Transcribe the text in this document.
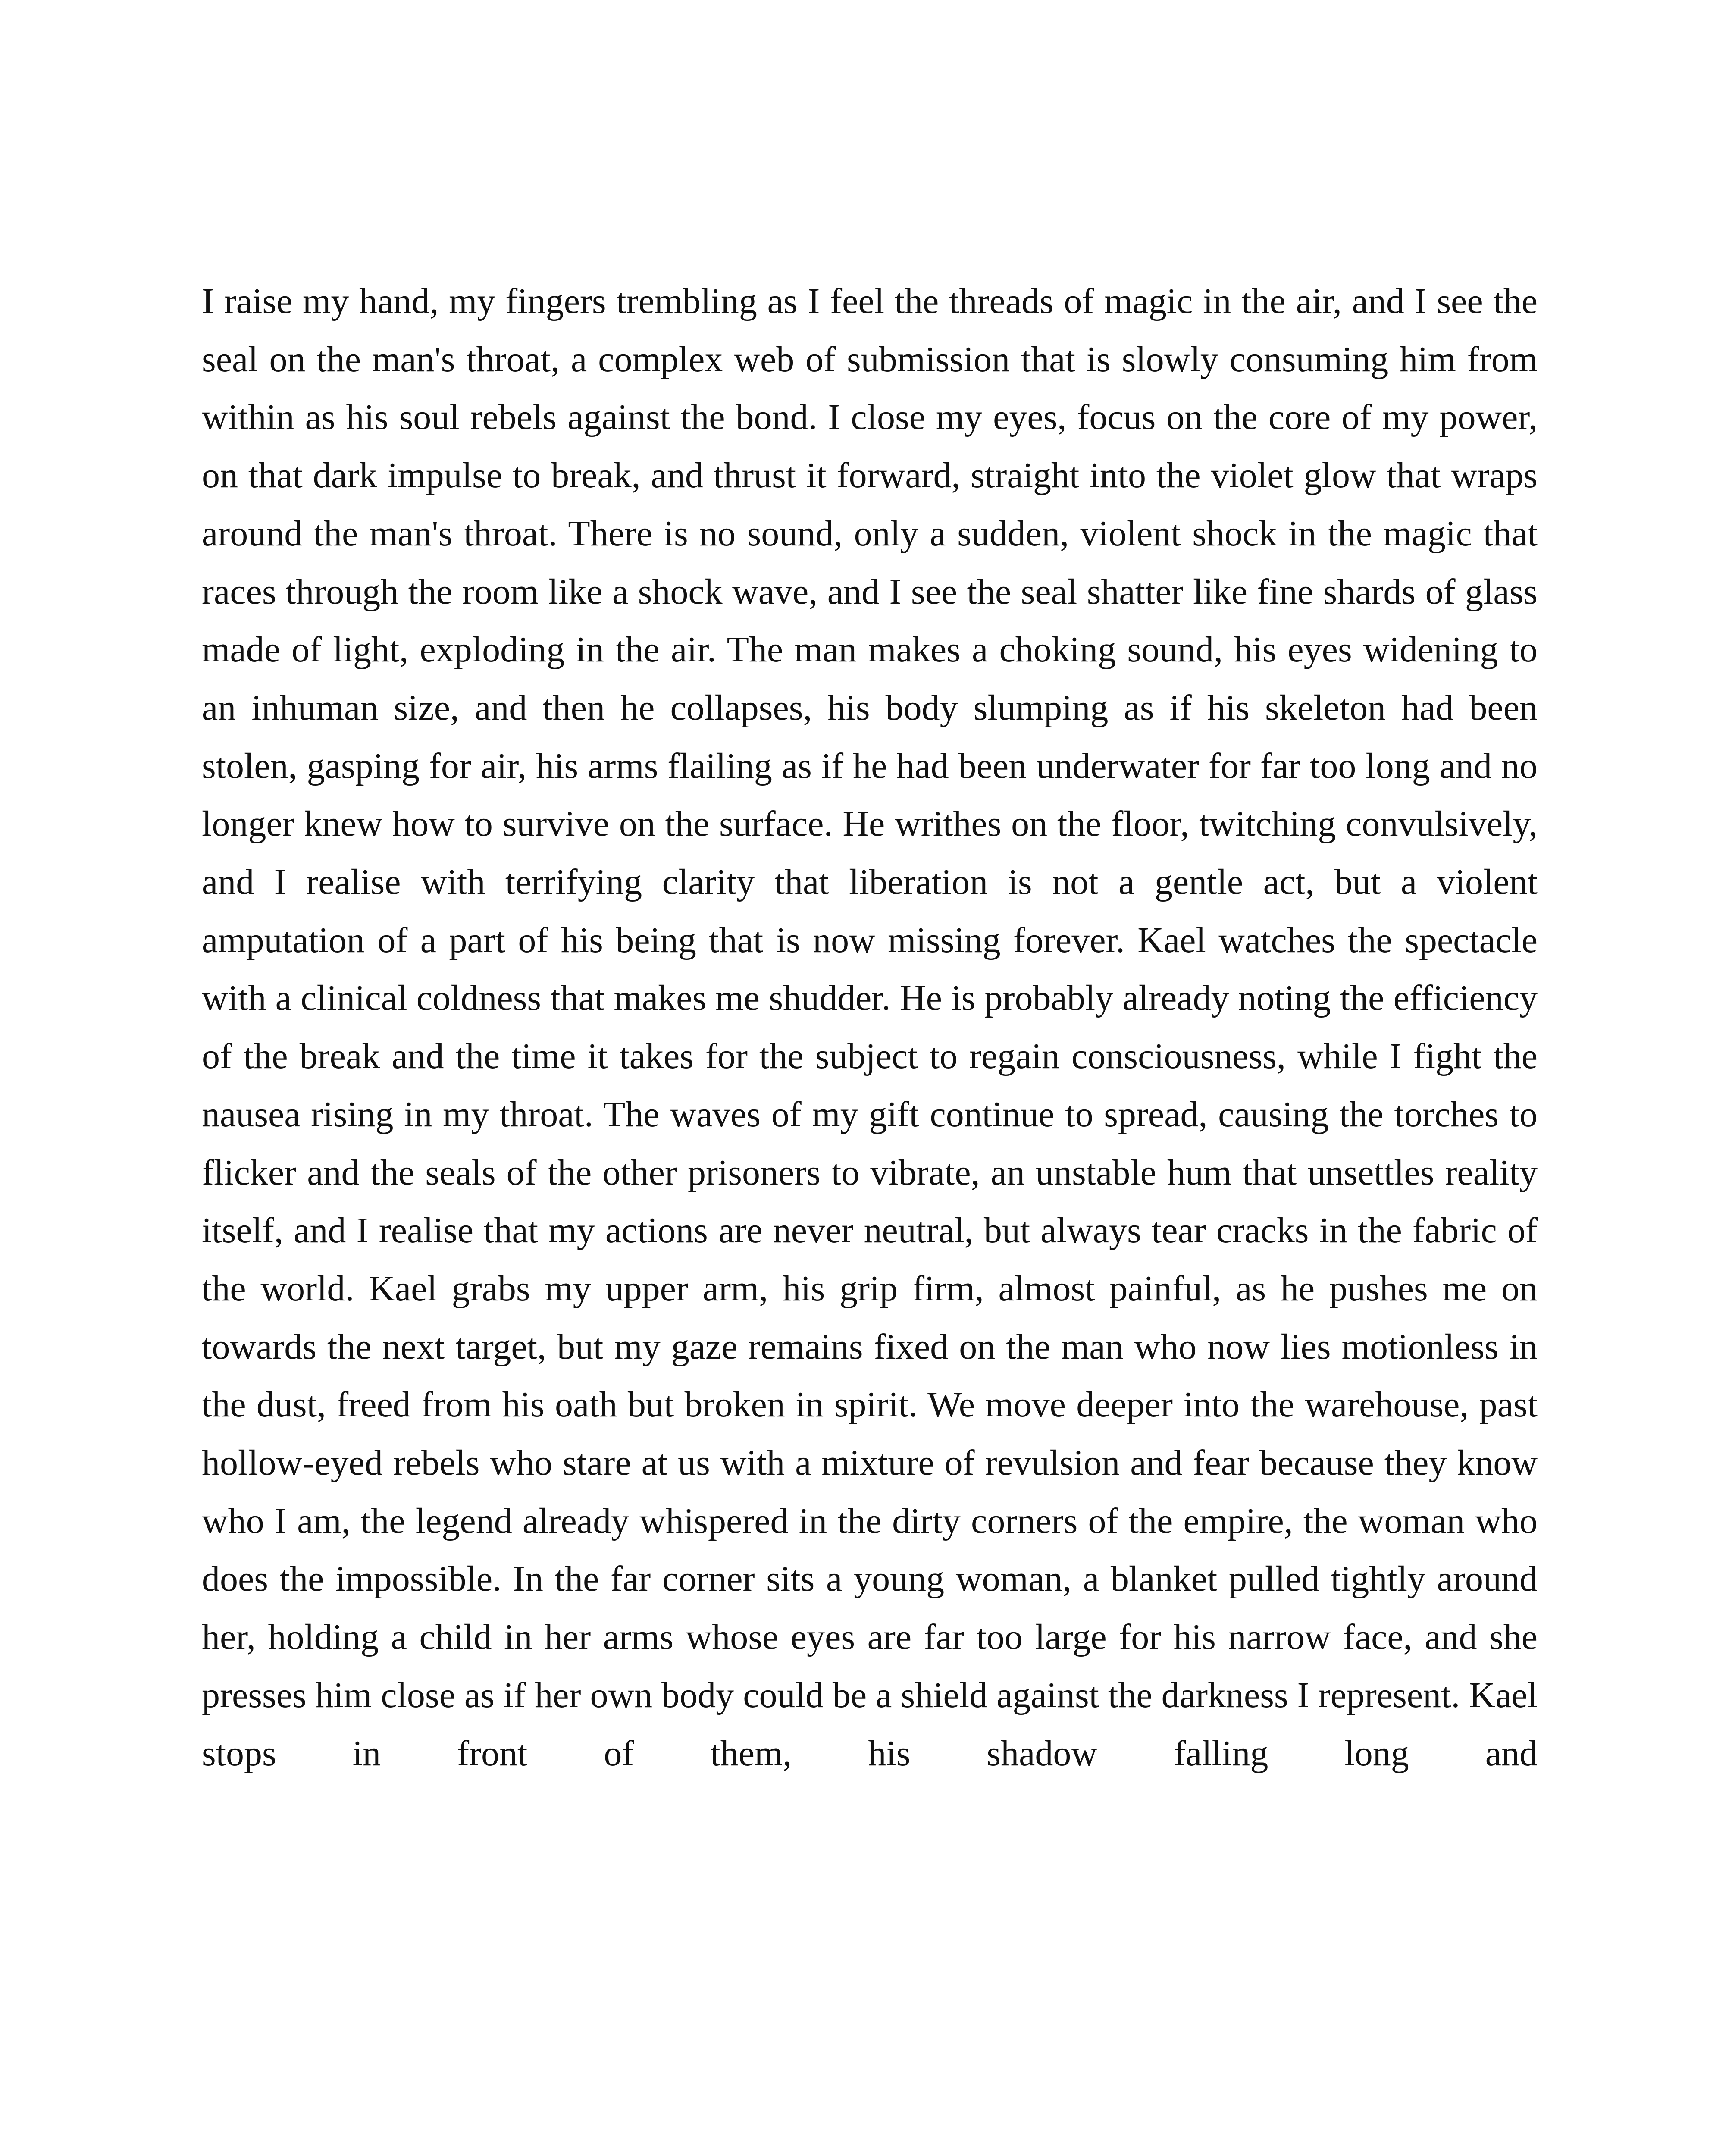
I raise my hand, my fingers trembling as I feel the threads of magic in the air, and I see the seal on the man's throat, a complex web of submission that is slowly consuming him from within as his soul rebels against the bond. I close my eyes, focus on the core of my power, on that dark impulse to break, and thrust it forward, straight into the violet glow that wraps around the man's throat. There is no sound, only a sudden, violent shock in the magic that races through the room like a shock wave, and I see the seal shatter like fine shards of glass made of light, exploding in the air. The man makes a choking sound, his eyes widening to an inhuman size, and then he collapses, his body slumping as if his skeleton had been stolen, gasping for air, his arms flailing as if he had been underwater for far too long and no longer knew how to survive on the surface. He writhes on the floor, twitching convulsively, and I realise with terrifying clarity that liberation is not a gentle act, but a violent amputation of a part of his being that is now missing forever. Kael watches the spectacle with a clinical coldness that makes me shudder. He is probably already noting the efficiency of the break and the time it takes for the subject to regain consciousness, while I fight the nausea rising in my throat. The waves of my gift continue to spread, causing the torches to flicker and the seals of the other prisoners to vibrate, an unstable hum that unsettles reality itself, and I realise that my actions are never neutral, but always tear cracks in the fabric of the world. Kael grabs my upper arm, his grip firm, almost painful, as he pushes me on towards the next target, but my gaze remains fixed on the man who now lies motionless in the dust, freed from his oath but broken in spirit. We move deeper into the warehouse, past hollow-eyed rebels who stare at us with a mixture of revulsion and fear because they know who I am, the legend already whispered in the dirty corners of the empire, the woman who does the impossible. In the far corner sits a young woman, a blanket pulled tightly around her, holding a child in her arms whose eyes are far too large for his narrow face, and she presses him close as if her own body could be a shield against the darkness I represent. Kael stops in front of them, his shadow falling long and
